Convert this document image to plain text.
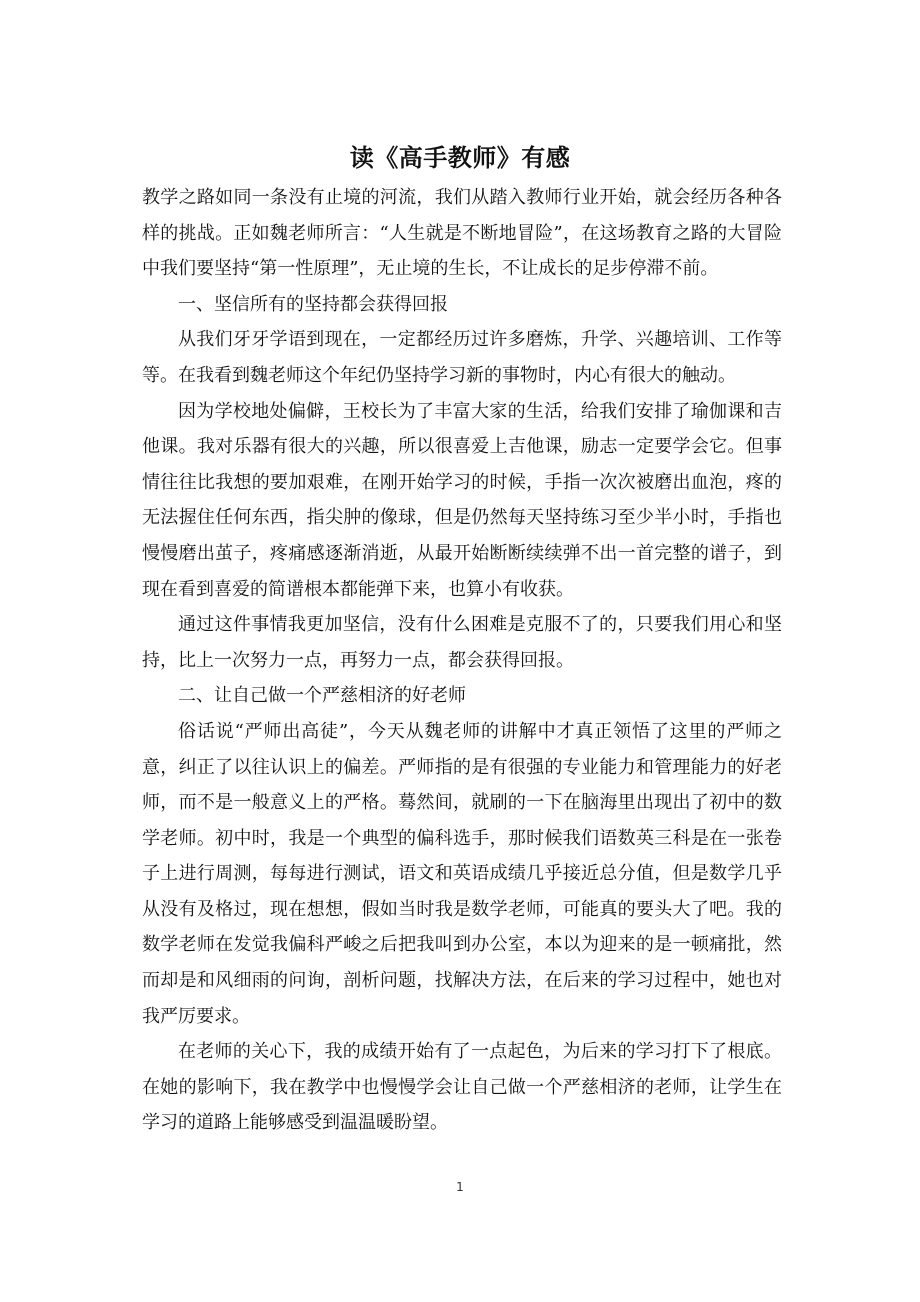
读《高手教师》有感

教学之路如同一条没有止境的河流，我们从踏入教师行业开始，就会经历各种各样的挑战。正如魏老师所言：“人生就是不断地冒险”，在这场教育之路的大冒险中我们要坚持“第一性原理”，无止境的生长，不让成长的足步停滞不前。

一、坚信所有的坚持都会获得回报

从我们牙牙学语到现在，一定都经历过许多磨炼，升学、兴趣培训、工作等等。在我看到魏老师这个年纪仍坚持学习新的事物时，内心有很大的触动。

因为学校地处偏僻，王校长为了丰富大家的生活，给我们安排了瑜伽课和吉他课。我对乐器有很大的兴趣，所以很喜爱上吉他课，励志一定要学会它。但事情往往比我想的要加艰难，在刚开始学习的时候，手指一次次被磨出血泡，疼的无法握住任何东西，指尖肿的像球，但是仍然每天坚持练习至少半小时，手指也慢慢磨出茧子，疼痛感逐渐消逝，从最开始断断续续弹不出一首完整的谱子，到现在看到喜爱的简谱根本都能弹下来，也算小有收获。

通过这件事情我更加坚信，没有什么困难是克服不了的，只要我们用心和坚持，比上一次努力一点，再努力一点，都会获得回报。

二、让自己做一个严慈相济的好老师

俗话说“严师出高徒”，今天从魏老师的讲解中才真正领悟了这里的严师之意，纠正了以往认识上的偏差。严师指的是有很强的专业能力和管理能力的好老师，而不是一般意义上的严格。蓦然间，就刷的一下在脑海里出现出了初中的数学老师。初中时，我是一个典型的偏科选手，那时候我们语数英三科是在一张卷子上进行周测，每每进行测试，语文和英语成绩几乎接近总分值，但是数学几乎从没有及格过，现在想想，假如当时我是数学老师，可能真的要头大了吧。我的数学老师在发觉我偏科严峻之后把我叫到办公室，本以为迎来的是一顿痛批，然而却是和风细雨的问询，剖析问题，找解决方法，在后来的学习过程中，她也对我严厉要求。

在老师的关心下，我的成绩开始有了一点起色，为后来的学习打下了根底。在她的影响下，我在教学中也慢慢学会让自己做一个严慈相济的老师，让学生在学习的道路上能够感受到温温暖盼望。

1
